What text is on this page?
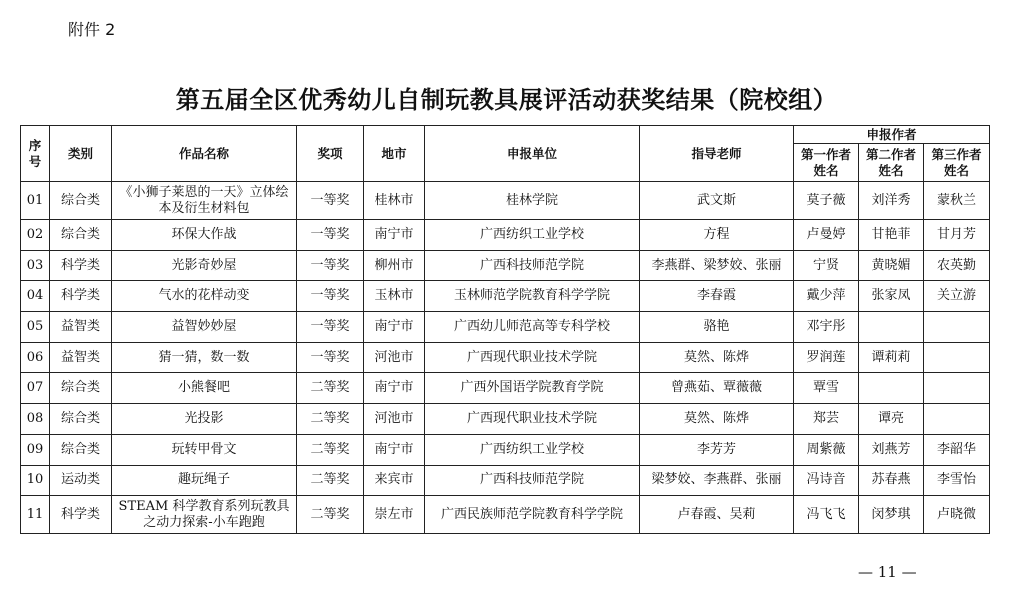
附件 2
第五届全区优秀幼儿自制玩教具展评活动获奖结果（院校组）
序号	类别	作品名称	奖项	地市	申报单位	指导老师	申报作者		
							第一作者姓名	第二作者姓名	第三作者姓名
01	综合类	《小狮子莱恩的一天》立体绘本及衍生材料包	一等奖	桂林市	桂林学院	武文斯	莫子薇	刘洋秀	蒙秋兰
02	综合类	环保大作战	一等奖	南宁市	广西纺织工业学校	方程	卢曼婷	甘艳菲	甘月芳
03	科学类	光影奇妙屋	一等奖	柳州市	广西科技师范学院	李燕群、梁梦姣、张丽	宁贤	黄晓媚	农英勤
04	科学类	气水的花样动变	一等奖	玉林市	玉林师范学院教育科学学院	李春霞	戴少萍	张家凤	关立游
05	益智类	益智妙妙屋	一等奖	南宁市	广西幼儿师范高等专科学校	骆艳	邓宇彤		
06	益智类	猜一猜，数一数	一等奖	河池市	广西现代职业技术学院	莫然、陈烨	罗润莲	谭莉莉	
07	综合类	小熊餐吧	二等奖	南宁市	广西外国语学院教育学院	曾燕茹、覃薇薇	覃雪		
08	综合类	光投影	二等奖	河池市	广西现代职业技术学院	莫然、陈烨	郑芸	谭亮	
09	综合类	玩转甲骨文	二等奖	南宁市	广西纺织工业学校	李芳芳	周紫薇	刘燕芳	李韶华
10	运动类	趣玩绳子	二等奖	来宾市	广西科技师范学院	梁梦姣、李燕群、张丽	冯诗音	苏春燕	李雪怡
11	科学类	STEAM 科学教育系列玩教具之动力探索-小车跑跑	二等奖	崇左市	广西民族师范学院教育科学学院	卢春霞、吴莉	冯飞飞	闵梦琪	卢晓微
— 11 —
